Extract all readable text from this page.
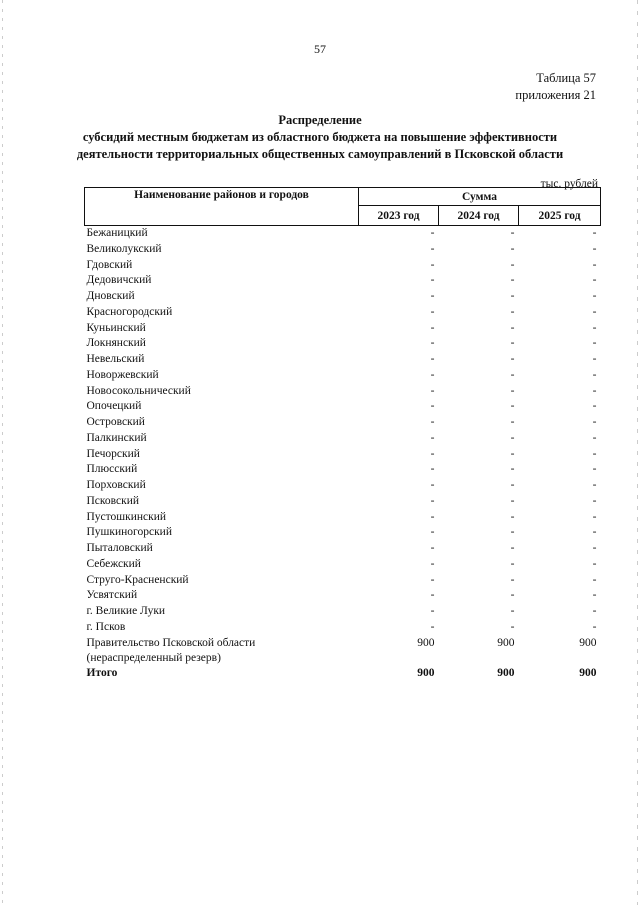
57
Таблица 57
приложения 21
Распределение
субсидий местным бюджетам из областного бюджета на повышение эффективности
деятельности территориальных общественных самоуправлений в Псковской области
тыс. рублей
Наименование районов и городов	Сумма		
	2023 год	2024 год	2025 год
Бежаницкий	-	-	-
Великолукский	-	-	-
Гдовский	-	-	-
Дедовичский	-	-	-
Дновский	-	-	-
Красногородский	-	-	-
Куньинский	-	-	-
Локнянский	-	-	-
Невельский	-	-	-
Новоржевский	-	-	-
Новосокольнический	-	-	-
Опочецкий	-	-	-
Островский	-	-	-
Палкинский	-	-	-
Печорский	-	-	-
Плюсский	-	-	-
Порховский	-	-	-
Псковский	-	-	-
Пустошкинский	-	-	-
Пушкиногорский	-	-	-
Пыталовский	-	-	-
Себежский	-	-	-
Струго-Красненский	-	-	-
Усвятский	-	-	-
г. Великие Луки	-	-	-
г. Псков	-	-	-

Правительство Псковской области
(нераспределенный резерв)	900	900	900
Итого	900	900	900
